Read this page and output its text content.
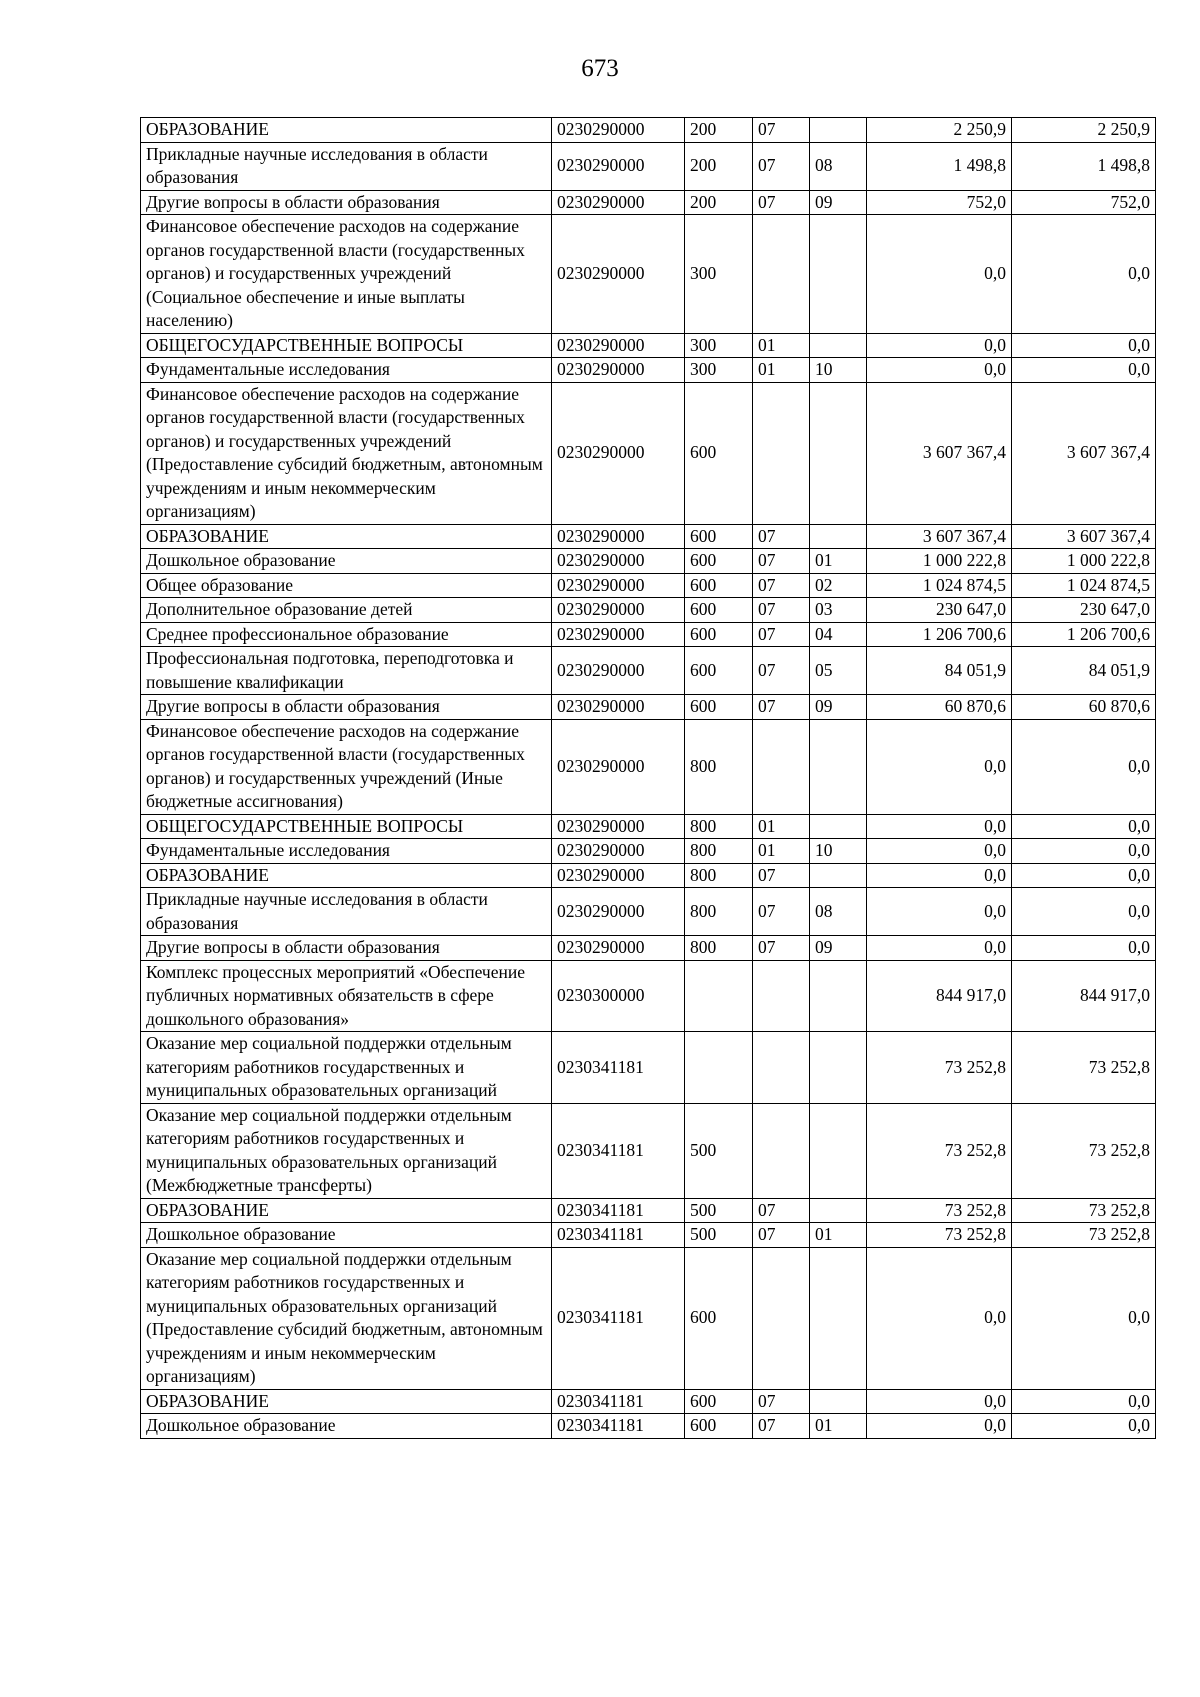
673
ОБРАЗОВАНИЕ	0230290000	200	07		2 250,9	2 250,9
Прикладные научные исследования в области образования	0230290000	200	07	08	1 498,8	1 498,8
Другие вопросы в области образования	0230290000	200	07	09	752,0	752,0
Финансовое обеспечение расходов на содержание органов государственной власти (государственных органов) и государственных учреждений (Социальное обеспечение и иные выплаты населению)	0230290000	300			0,0	0,0
ОБЩЕГОСУДАРСТВЕННЫЕ ВОПРОСЫ	0230290000	300	01		0,0	0,0
Фундаментальные исследования	0230290000	300	01	10	0,0	0,0
Финансовое обеспечение расходов на содержание органов государственной власти (государственных органов) и государственных учреждений (Предоставление субсидий бюджетным, автономным учреждениям и иным некоммерческим организациям)	0230290000	600			3 607 367,4	3 607 367,4
ОБРАЗОВАНИЕ	0230290000	600	07		3 607 367,4	3 607 367,4
Дошкольное образование	0230290000	600	07	01	1 000 222,8	1 000 222,8
Общее образование	0230290000	600	07	02	1 024 874,5	1 024 874,5
Дополнительное образование детей	0230290000	600	07	03	230 647,0	230 647,0
Среднее профессиональное образование	0230290000	600	07	04	1 206 700,6	1 206 700,6
Профессиональная подготовка, переподготовка и повышение квалификации	0230290000	600	07	05	84 051,9	84 051,9
Другие вопросы в области образования	0230290000	600	07	09	60 870,6	60 870,6
Финансовое обеспечение расходов на содержание органов государственной власти (государственных органов) и государственных учреждений (Иные бюджетные ассигнования)	0230290000	800			0,0	0,0
ОБЩЕГОСУДАРСТВЕННЫЕ ВОПРОСЫ	0230290000	800	01		0,0	0,0
Фундаментальные исследования	0230290000	800	01	10	0,0	0,0
ОБРАЗОВАНИЕ	0230290000	800	07		0,0	0,0
Прикладные научные исследования в области образования	0230290000	800	07	08	0,0	0,0
Другие вопросы в области образования	0230290000	800	07	09	0,0	0,0
Комплекс процессных мероприятий «Обеспечение публичных нормативных обязательств в сфере дошкольного образования»	0230300000				844 917,0	844 917,0
Оказание мер социальной поддержки отдельным категориям работников государственных и муниципальных образовательных организаций	0230341181				73 252,8	73 252,8
Оказание мер социальной поддержки отдельным категориям работников государственных и муниципальных образовательных организаций (Межбюджетные трансферты)	0230341181	500			73 252,8	73 252,8
ОБРАЗОВАНИЕ	0230341181	500	07		73 252,8	73 252,8
Дошкольное образование	0230341181	500	07	01	73 252,8	73 252,8
Оказание мер социальной поддержки отдельным категориям работников государственных и муниципальных образовательных организаций (Предоставление субсидий бюджетным, автономным учреждениям и иным некоммерческим организациям)	0230341181	600			0,0	0,0
ОБРАЗОВАНИЕ	0230341181	600	07		0,0	0,0
Дошкольное образование	0230341181	600	07	01	0,0	0,0
